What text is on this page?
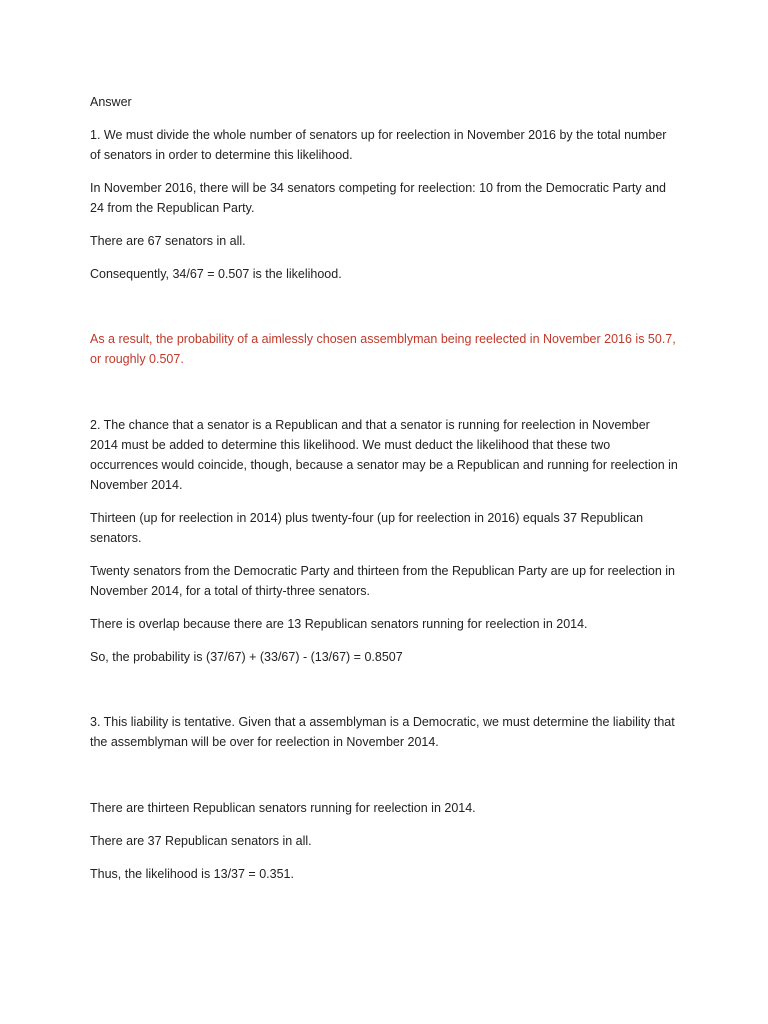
Answer

1. We must divide the whole number of senators up for reelection in November 2016 by the total number of senators in order to determine this likelihood.

In November 2016, there will be 34 senators competing for reelection: 10 from the Democratic Party and 24 from the Republican Party.

There are 67 senators in all.

Consequently, 34/67 = 0.507 is the likelihood.

As a result, the probability of a aimlessly chosen assemblyman being reelected in November 2016 is 50.7, or roughly 0.507.

2. The chance that a senator is a Republican and that a senator is running for reelection in November 2014 must be added to determine this likelihood. We must deduct the likelihood that these two occurrences would coincide, though, because a senator may be a Republican and running for reelection in November 2014.

Thirteen (up for reelection in 2014) plus twenty-four (up for reelection in 2016) equals 37 Republican senators.

Twenty senators from the Democratic Party and thirteen from the Republican Party are up for reelection in November 2014, for a total of thirty-three senators.

There is overlap because there are 13 Republican senators running for reelection in 2014.

So, the probability is (37/67) + (33/67) - (13/67) = 0.8507

3. This liability is tentative. Given that a assemblyman is a Democratic, we must determine the liability that the assemblyman will be over for reelection in November 2014.

There are thirteen Republican senators running for reelection in 2014.

There are 37 Republican senators in all.

Thus, the likelihood is 13/37 = 0.351.
